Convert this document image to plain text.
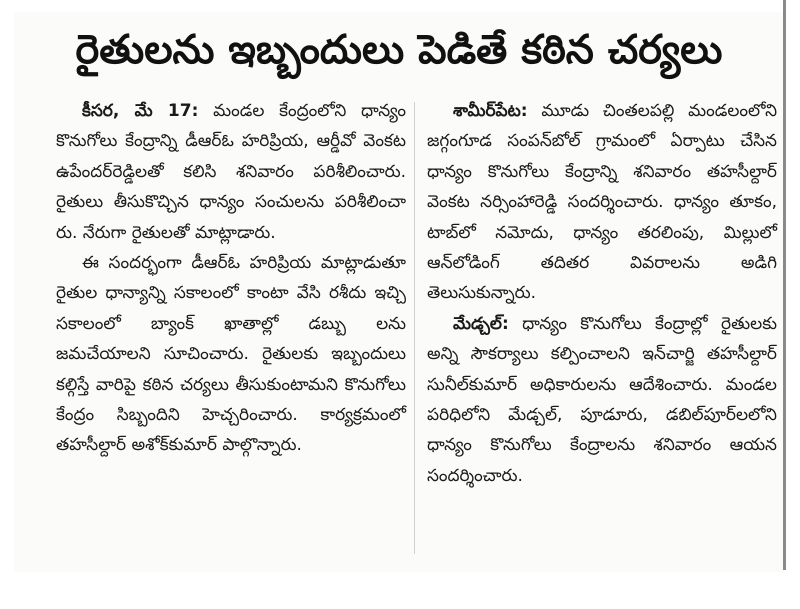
రైతులను ఇబ్బందులు పెడితే కఠిన చర్యలు

కీసర, మే 17: మండల కేంద్రంలోని ధాన్యం కొనుగోలు కేంద్రాన్ని డీఆర్ఓ హరిప్రియ, ఆర్డీవో వెంకట ఉపేందర్‌రెడ్డిలతో కలిసి శనివారం పరిశీలించారు. రైతులు తీసుకొచ్చిన ధాన్యం సంచులను పరిశీలించా రు. నేరుగా రైతులతో మాట్లాడారు.

ఈ సందర్భంగా డీఆర్ఓ హరిప్రియ మాట్లాడుతూ రైతుల ధాన్యాన్ని సకాలంలో కాంటా వేసి రశీదు ఇచ్చి సకాలంలో బ్యాంక్ ఖాతాల్లో డబ్బు లను జమచేయాలని సూచించారు. రైతులకు ఇబ్బందులు కల్గిస్తే వారిపై కఠిన చర్యలు తీసుకుంటామని కొనుగోలు కేంద్రం సిబ్బందిని హెచ్చరించారు. కార్యక్రమంలో తహసీల్దార్ అశోక్‌కుమార్ పాల్గొన్నారు.

శామీర్‌పేట: మూడు చింతలపల్లి మండలంలోని జగ్గంగూడ సంపన్‌బోల్ గ్రామంలో ఏర్పాటు చేసిన ధాన్యం కొనుగోలు కేంద్రాన్ని శనివారం తహసీల్దార్ వెంకట నర్సింహారెడ్డి సందర్శించారు. ధాన్యం తూకం, టాబ్‌లో నమోదు, ధాన్యం తరలింపు, మిల్లులో ఆన్‌లోడింగ్ తదితర వివరాలను అడిగి తెలుసుకున్నారు.

మేడ్చల్: ధాన్యం కొనుగోలు కేంద్రాల్లో రైతులకు అన్ని సౌకర్యాలు కల్పించాలని ఇన్‌చార్జి తహసీల్దార్ సునీల్‌కుమార్ అధికారులను ఆదేశించారు. మండల పరిధిలోని మేడ్చల్, పూడూరు, డబిల్‌పూర్‌లలోని ధాన్యం కొనుగోలు కేంద్రాలను శనివారం ఆయన సందర్శించారు.
